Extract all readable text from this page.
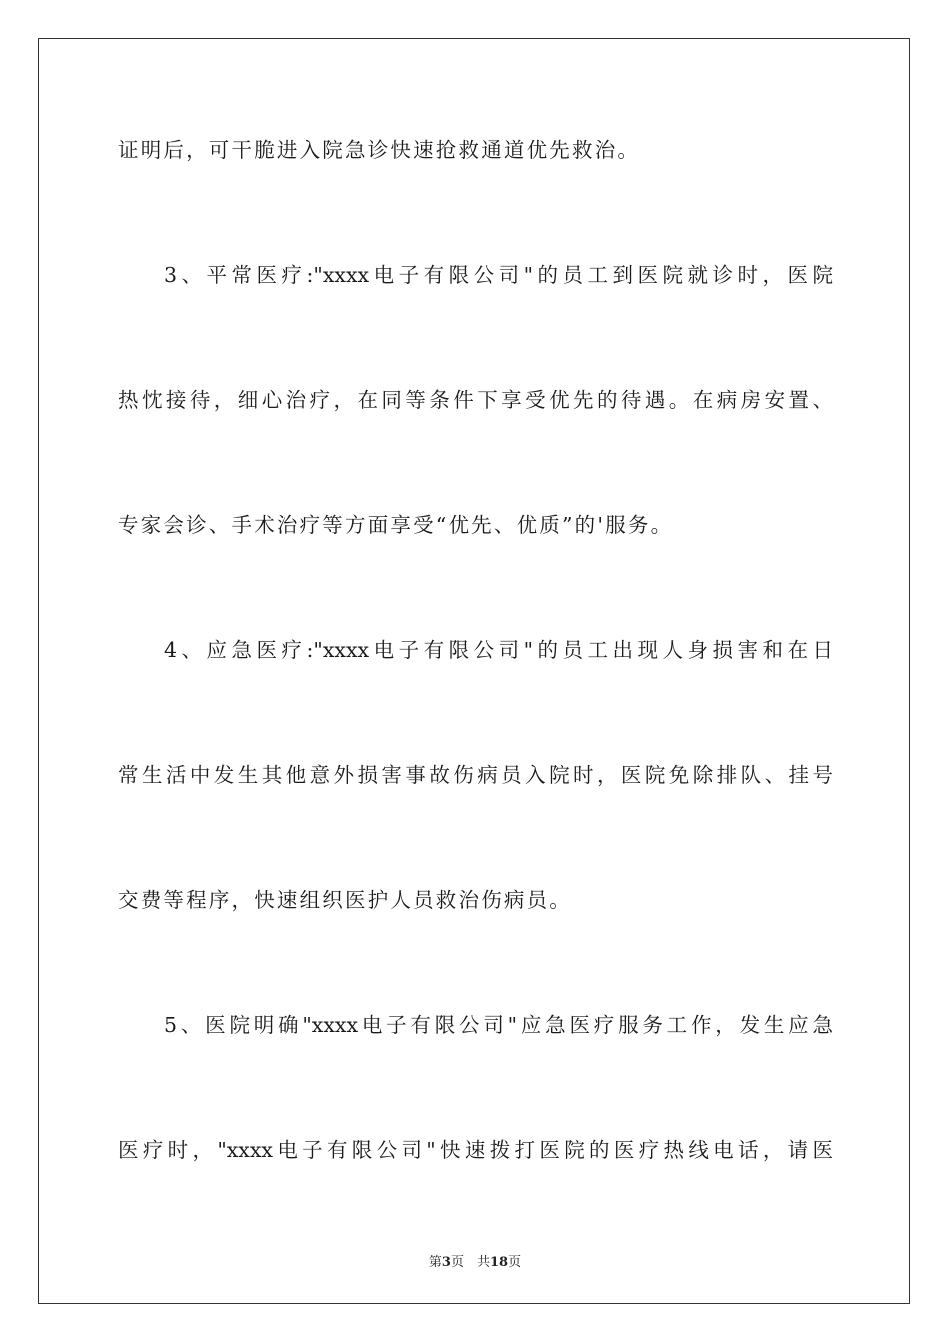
证明后，可干脆进入院急诊快速抢救通道优先救治。
3、平常医疗:"xxxx电子有限公司"的员工到医院就诊时，医院
热忱接待，细心治疗，在同等条件下享受优先的待遇。在病房安置、
专家会诊、手术治疗等方面享受“优先、优质”的'服务。
4、应急医疗:"xxxx电子有限公司"的员工出现人身损害和在日
常生活中发生其他意外损害事故伤病员入院时，医院免除排队、挂号
交费等程序，快速组织医护人员救治伤病员。
5、医院明确"xxxx电子有限公司"应急医疗服务工作，发生应急
医疗时，"xxxx电子有限公司"快速拨打医院的医疗热线电话，请医
第3页　共18页
